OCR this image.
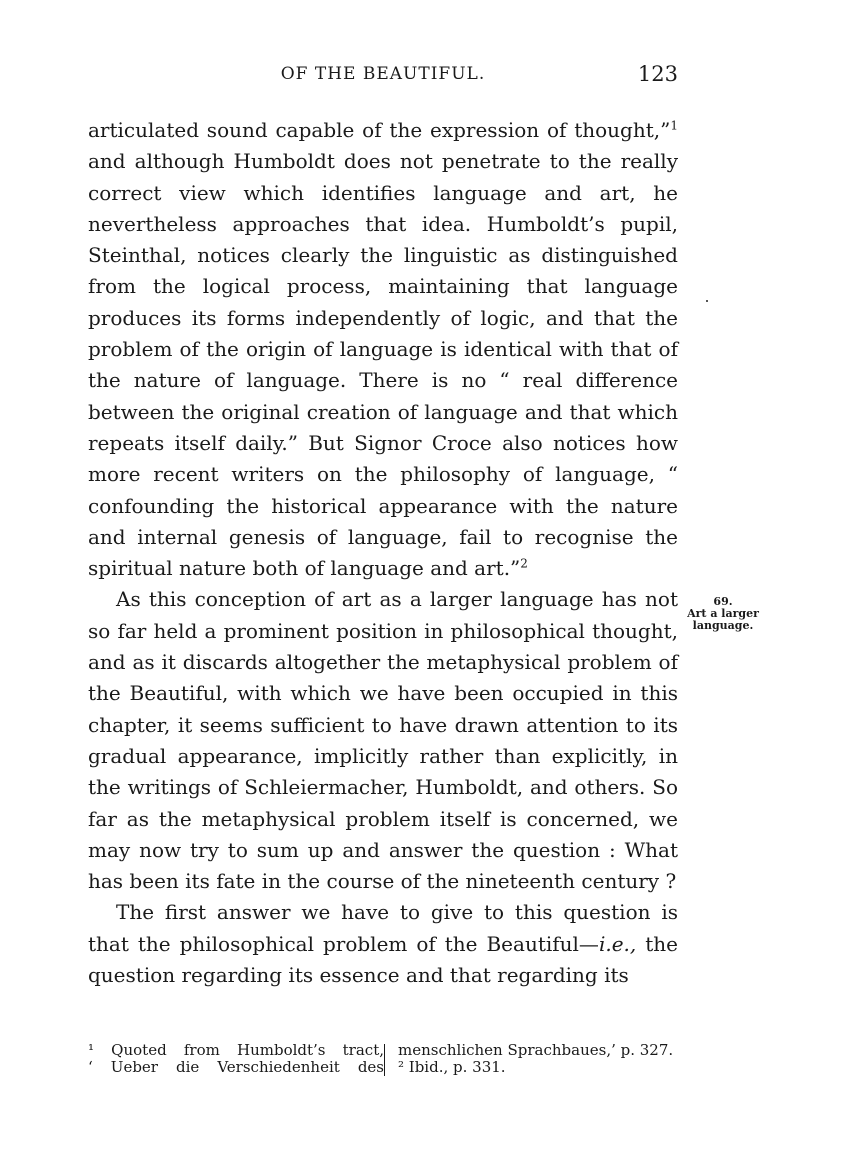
OF THE BEAUTIFUL.	123

articulated sound capable of the expression of thought,”$^1$ and although Humboldt does not penetrate to the really correct view which identifies language and art, he nevertheless approaches that idea. Humboldt’s pupil, Steinthal, notices clearly the linguistic as distinguished from the logical process, maintaining that language produces its forms independently of logic, and that the problem of the origin of language is identical with that of the nature of language. There is no “ real difference between the original creation of language and that which repeats itself daily.” But Signor Croce also notices how more recent writers on the philosophy of language, “ confounding the historical appearance with the nature and internal genesis of language, fail to recognise the spiritual nature both of language and art.”$^2$

As this conception of art as a larger language has not so far held a prominent position in philosophical thought, and as it discards altogether the metaphysical problem of the Beautiful, with which we have been occupied in this chapter, it seems sufficient to have drawn attention to its gradual appearance, implicitly rather than explicitly, in the writings of Schleiermacher, Humboldt, and others. So far as the metaphysical problem itself is concerned, we may now try to sum up and answer the question : What has been its fate in the course of the nineteenth century ?

The first answer we have to give to this question is that the philosophical problem of the Beautiful—i.e., the question regarding its essence and that regarding its

69.
Art a larger
language.
¹ Quoted from Humboldt’s tract,
‘ Ueber die Verschiedenheit des
menschlichen Sprachbaues,’ p. 327.
² Ibid., p. 331.
